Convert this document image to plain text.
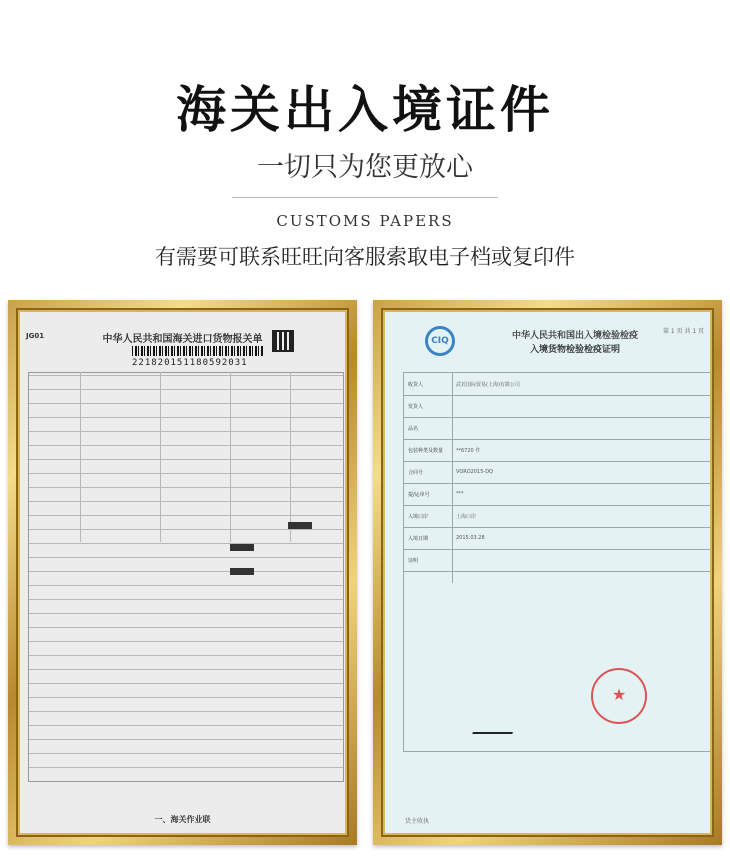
海关出入境证件
一切只为您更放心
CUSTOMS PAPERS
有需要可联系旺旺向客服索取电子档或复印件
JG01	中华人民共和国海关进口货物报关单
221820151180592031
一、海关作业联
CIQ	中华人民共和国出入境检验检疫
入境货物检验检疫证明
第 1 页 共 1 页
收货人	武若国际贸易(上海)有限公司
发货人
品名
包装种类及数量	**6720 件
合同号	VORO2015-DQ
提/运单号	***
入境口岸	上海口岸
入境日期	2015.03.28
证明
★
货主收执
